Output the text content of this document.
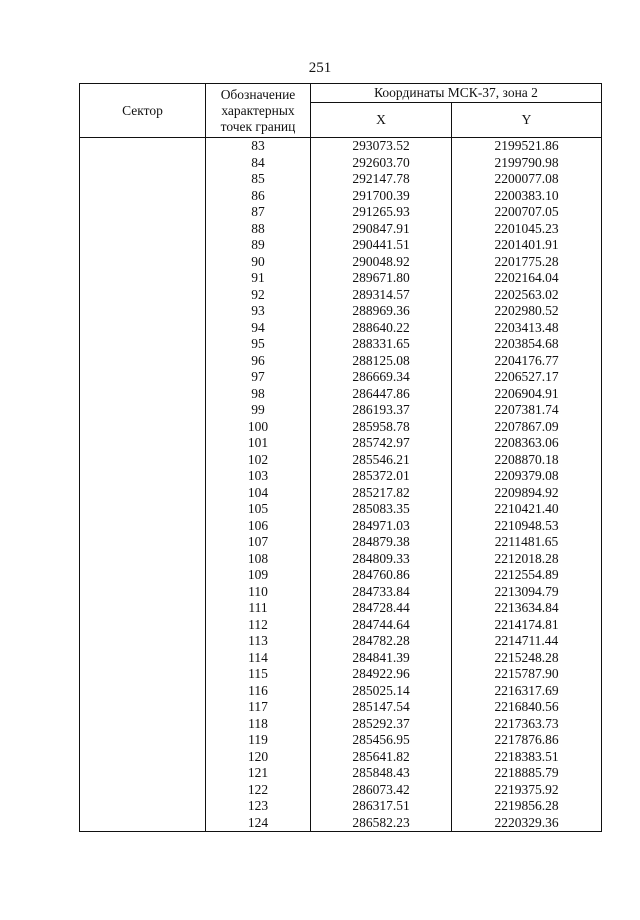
251
Сектор	Обозначение характерных точек границ	Координаты МСК-37, зона 2	
		X	Y
	83	293073.52	2199521.86
	84	292603.70	2199790.98
	85	292147.78	2200077.08
	86	291700.39	2200383.10
	87	291265.93	2200707.05
	88	290847.91	2201045.23
	89	290441.51	2201401.91
	90	290048.92	2201775.28
	91	289671.80	2202164.04
	92	289314.57	2202563.02
	93	288969.36	2202980.52
	94	288640.22	2203413.48
	95	288331.65	2203854.68
	96	288125.08	2204176.77
	97	286669.34	2206527.17
	98	286447.86	2206904.91
	99	286193.37	2207381.74
	100	285958.78	2207867.09
	101	285742.97	2208363.06
	102	285546.21	2208870.18
	103	285372.01	2209379.08
	104	285217.82	2209894.92
	105	285083.35	2210421.40
	106	284971.03	2210948.53
	107	284879.38	2211481.65
	108	284809.33	2212018.28
	109	284760.86	2212554.89
	110	284733.84	2213094.79
	111	284728.44	2213634.84
	112	284744.64	2214174.81
	113	284782.28	2214711.44
	114	284841.39	2215248.28
	115	284922.96	2215787.90
	116	285025.14	2216317.69
	117	285147.54	2216840.56
	118	285292.37	2217363.73
	119	285456.95	2217876.86
	120	285641.82	2218383.51
	121	285848.43	2218885.79
	122	286073.42	2219375.92
	123	286317.51	2219856.28
	124	286582.23	2220329.36
